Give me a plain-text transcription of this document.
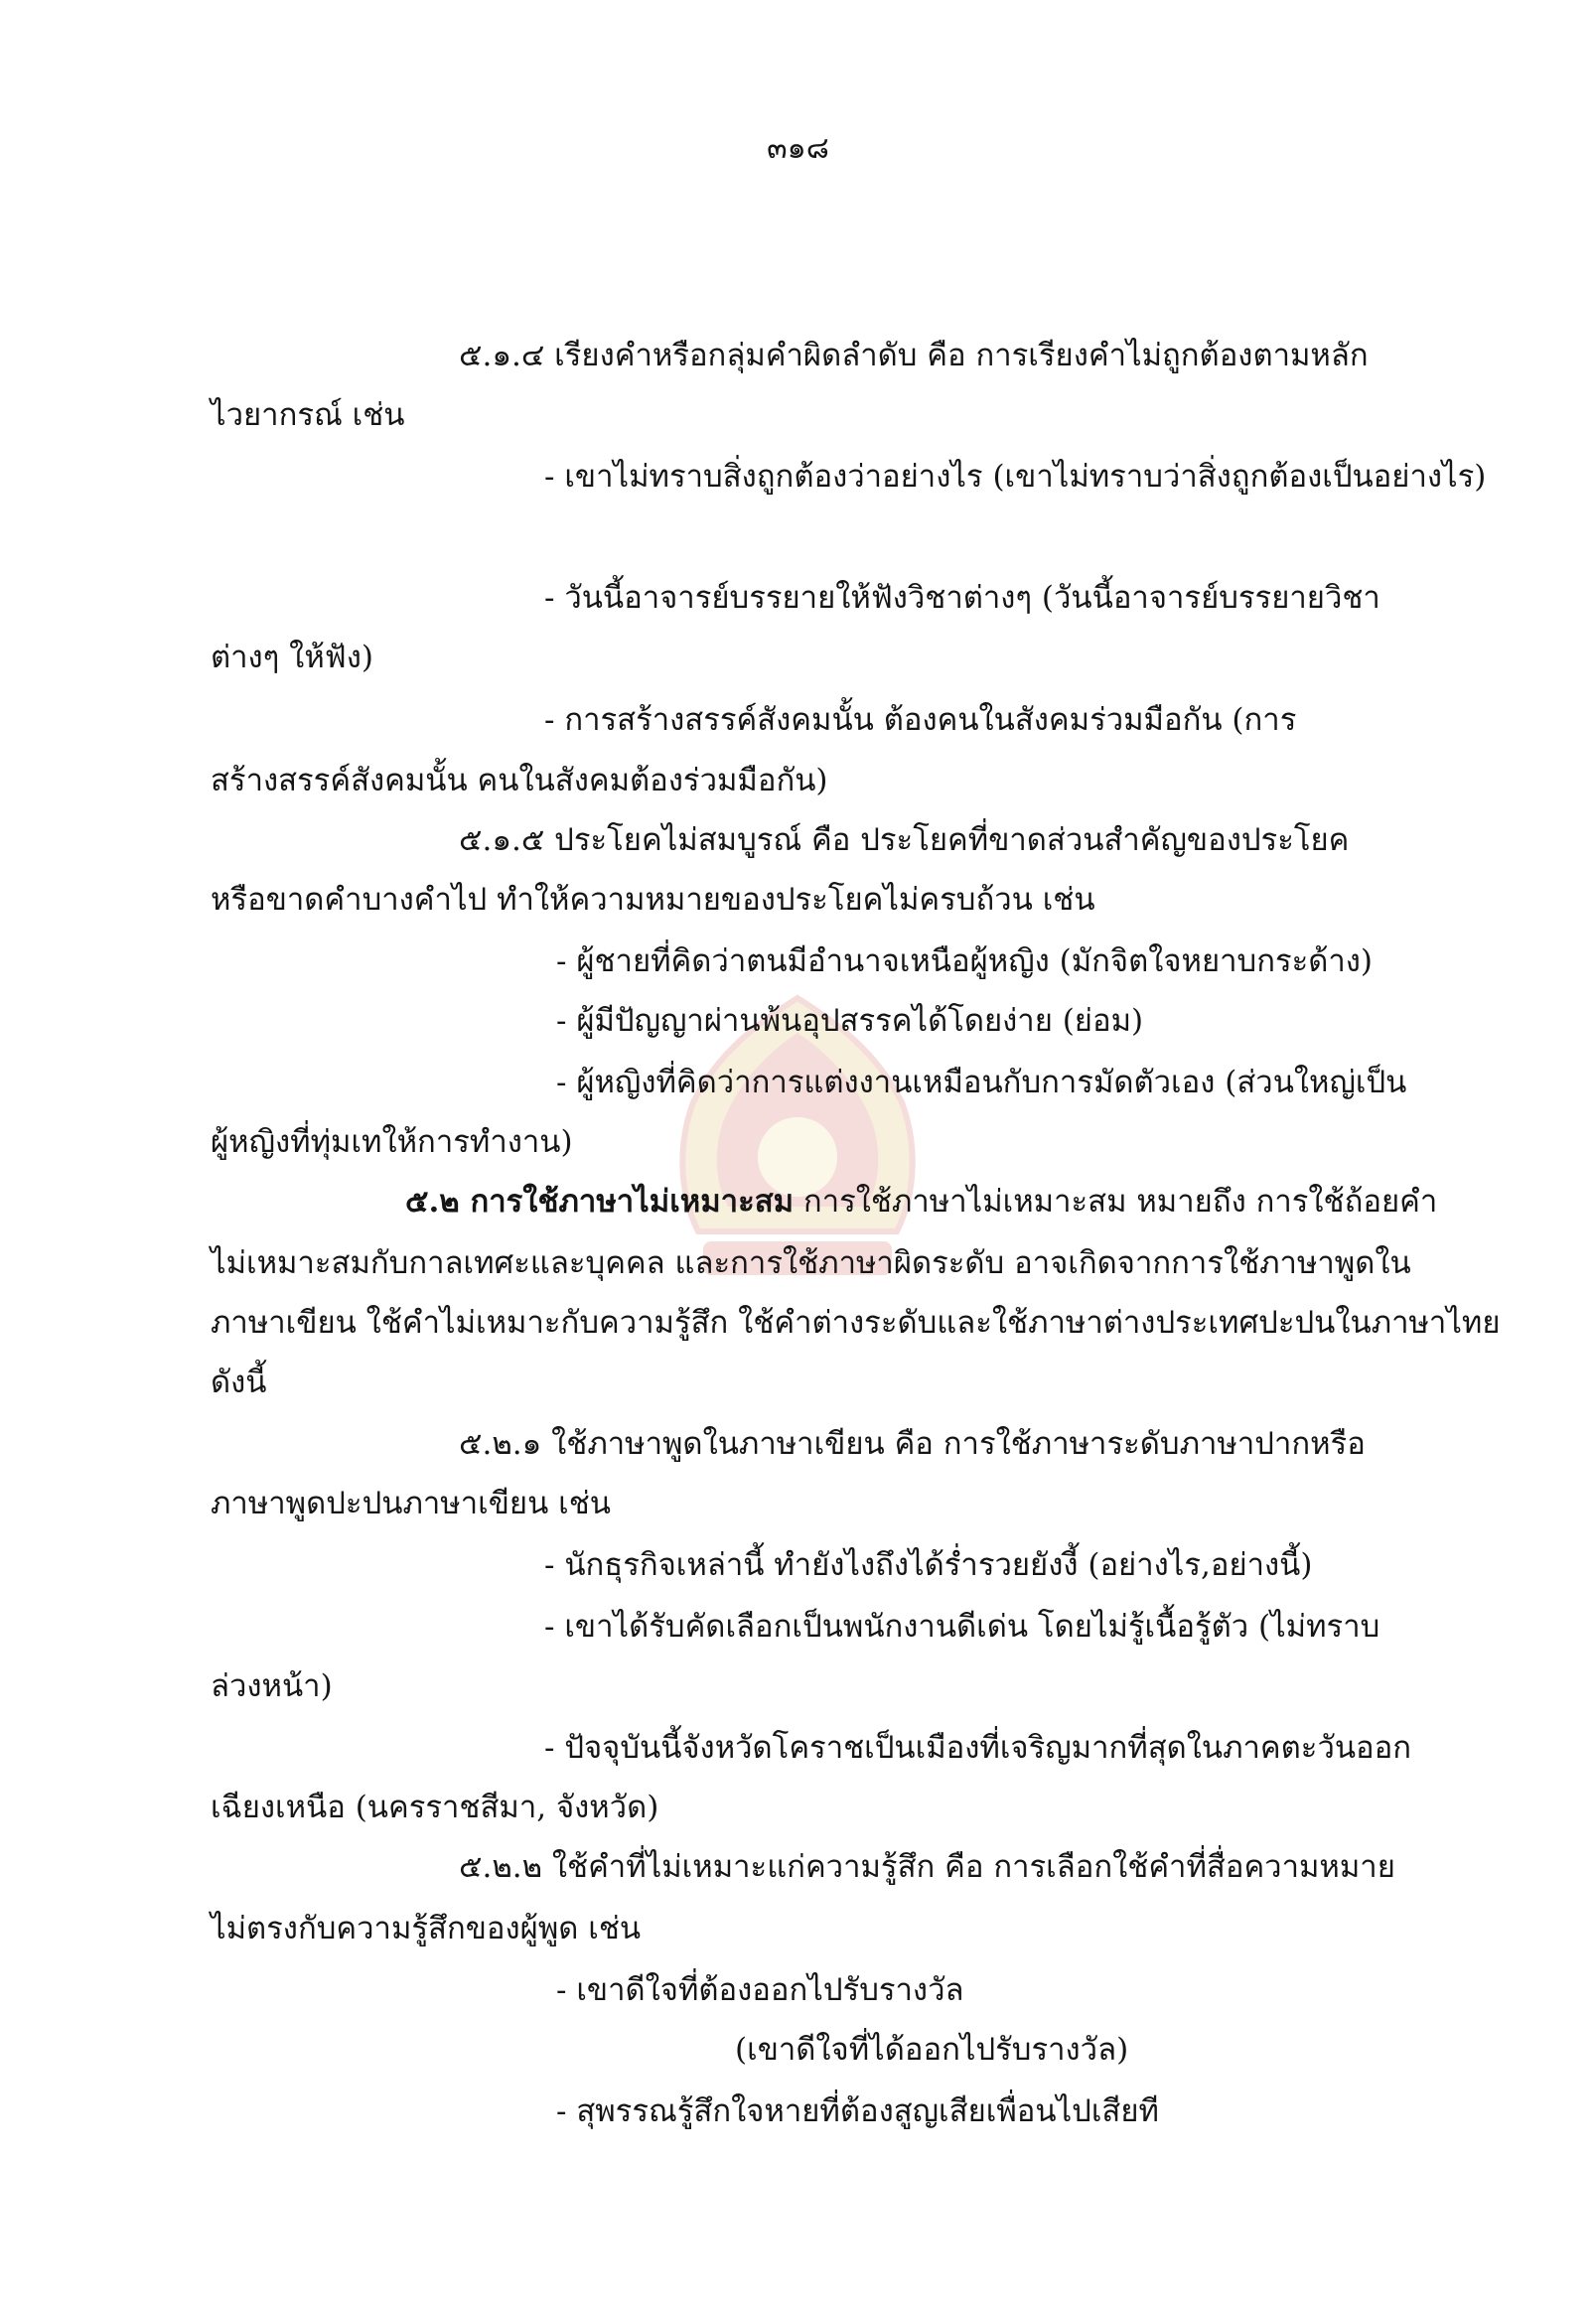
๓๑๘
๕.๑.๔ เรียงคำหรือกลุ่มคำผิดลำดับ คือ การเรียงคำไม่ถูกต้องตามหลัก
ไวยากรณ์ เช่น
- เขาไม่ทราบสิ่งถูกต้องว่าอย่างไร (เขาไม่ทราบว่าสิ่งถูกต้องเป็นอย่างไร)
- วันนี้อาจารย์บรรยายให้ฟังวิชาต่างๆ (วันนี้อาจารย์บรรยายวิชา
ต่างๆ ให้ฟัง)
- การสร้างสรรค์สังคมนั้น ต้องคนในสังคมร่วมมือกัน (การ
สร้างสรรค์สังคมนั้น คนในสังคมต้องร่วมมือกัน)
๕.๑.๕ ประโยคไม่สมบูรณ์ คือ ประโยคที่ขาดส่วนสำคัญของประโยค
หรือขาดคำบางคำไป ทำให้ความหมายของประโยคไม่ครบถ้วน เช่น
- ผู้ชายที่คิดว่าตนมีอำนาจเหนือผู้หญิง (มักจิตใจหยาบกระด้าง)
- ผู้มีปัญญาผ่านพ้นอุปสรรคได้โดยง่าย (ย่อม)
- ผู้หญิงที่คิดว่าการแต่งงานเหมือนกับการมัดตัวเอง (ส่วนใหญ่เป็น
ผู้หญิงที่ทุ่มเทให้การทำงาน)
๕.๒ การใช้ภาษาไม่เหมาะสม การใช้ภาษาไม่เหมาะสม หมายถึง การใช้ถ้อยคำ
ไม่เหมาะสมกับกาลเทศะและบุคคล และการใช้ภาษาผิดระดับ อาจเกิดจากการใช้ภาษาพูดใน
ภาษาเขียน ใช้คำไม่เหมาะกับความรู้สึก ใช้คำต่างระดับและใช้ภาษาต่างประเทศปะปนในภาษาไทย
ดังนี้
๕.๒.๑ ใช้ภาษาพูดในภาษาเขียน คือ การใช้ภาษาระดับภาษาปากหรือ
ภาษาพูดปะปนภาษาเขียน เช่น
- นักธุรกิจเหล่านี้ ทำยังไงถึงได้ร่ำรวยยังงี้ (อย่างไร,อย่างนี้)
- เขาได้รับคัดเลือกเป็นพนักงานดีเด่น โดยไม่รู้เนื้อรู้ตัว (ไม่ทราบ
ล่วงหน้า)
- ปัจจุบันนี้จังหวัดโคราชเป็นเมืองที่เจริญมากที่สุดในภาคตะวันออก
เฉียงเหนือ (นครราชสีมา, จังหวัด)
๕.๒.๒ ใช้คำที่ไม่เหมาะแก่ความรู้สึก คือ การเลือกใช้คำที่สื่อความหมาย
ไม่ตรงกับความรู้สึกของผู้พูด เช่น
- เขาดีใจที่ต้องออกไปรับรางวัล
(เขาดีใจที่ได้ออกไปรับรางวัล)
- สุพรรณรู้สึกใจหายที่ต้องสูญเสียเพื่อนไปเสียที
